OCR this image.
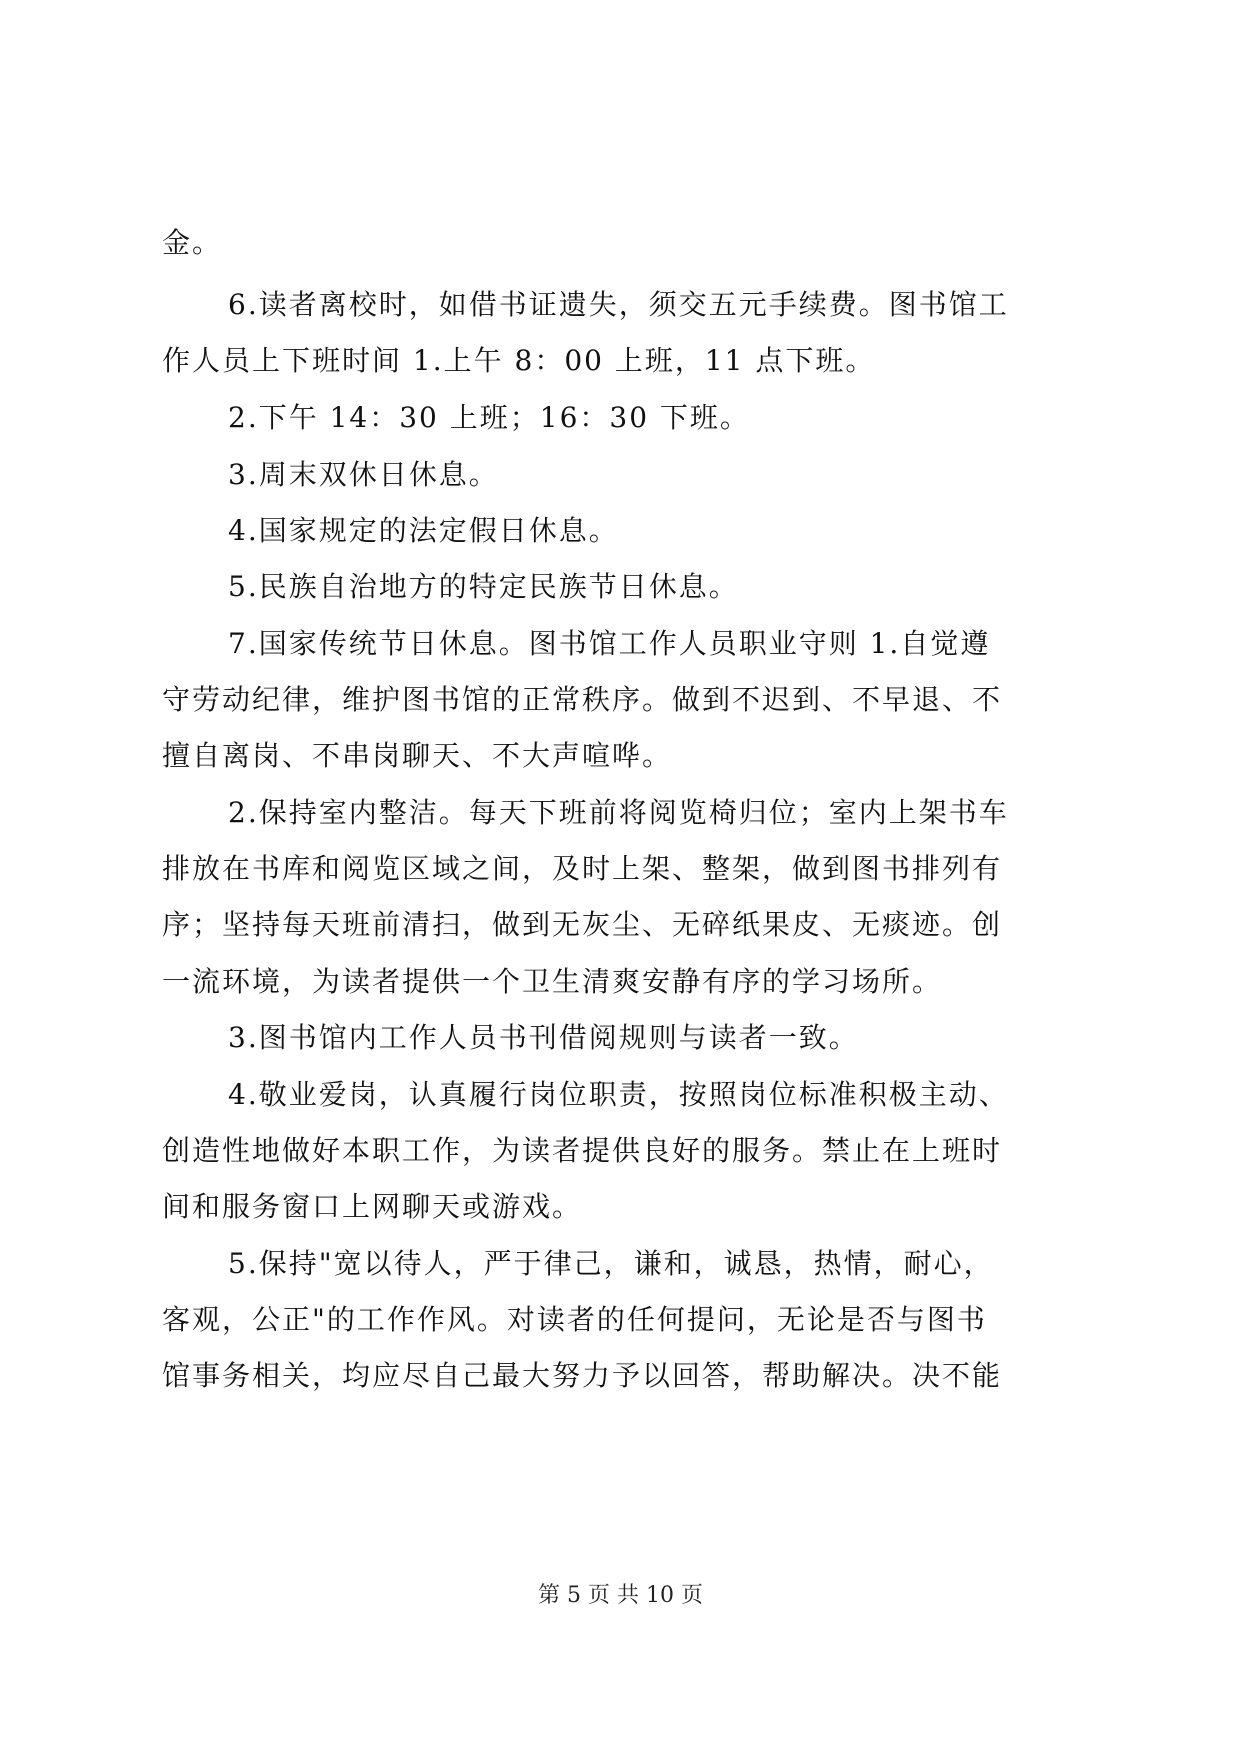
金。
6.读者离校时，如借书证遗失，须交五元手续费。图书馆工
作人员上下班时间 1.上午 8：00 上班，11 点下班。
2.下午 14：30 上班；16：30 下班。
3.周末双休日休息。
4.国家规定的法定假日休息。
5.民族自治地方的特定民族节日休息。
7.国家传统节日休息。图书馆工作人员职业守则 1.自觉遵
守劳动纪律，维护图书馆的正常秩序。做到不迟到、不早退、不
擅自离岗、不串岗聊天、不大声喧哗。
2.保持室内整洁。每天下班前将阅览椅归位；室内上架书车
排放在书库和阅览区域之间，及时上架、整架，做到图书排列有
序；坚持每天班前清扫，做到无灰尘、无碎纸果皮、无痰迹。创
一流环境，为读者提供一个卫生清爽安静有序的学习场所。
3.图书馆内工作人员书刊借阅规则与读者一致。
4.敬业爱岗，认真履行岗位职责，按照岗位标准积极主动、
创造性地做好本职工作，为读者提供良好的服务。禁止在上班时
间和服务窗口上网聊天或游戏。
5.保持"宽以待人，严于律己，谦和，诚恳，热情，耐心，
客观，公正"的工作作风。对读者的任何提问，无论是否与图书
馆事务相关，均应尽自己最大努力予以回答，帮助解决。决不能
第 5 页 共 10 页
